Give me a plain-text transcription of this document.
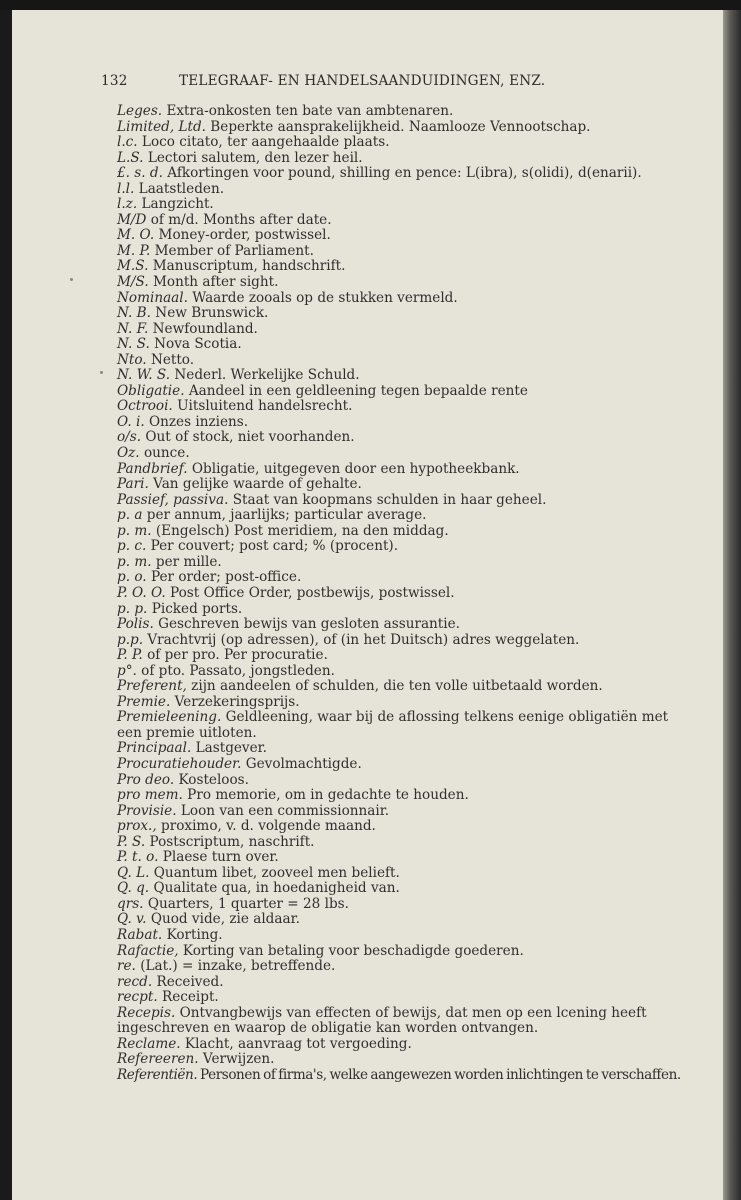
132	TELEGRAAF- EN HANDELSAANDUIDINGEN, ENZ.
Leges. Extra-onkosten ten bate van ambtenaren.
Limited, Ltd. Beperkte aansprakelijkheid. Naamlooze Vennootschap.
l.c. Loco citato, ter aangehaalde plaats.
L.S. Lectori salutem, den lezer heil.
£. s. d. Afkortingen voor pound, shilling en pence: L(ibra), s(olidi), d(enarii).
l.l. Laatstleden.
l.z. Langzicht.
M/D of m/d. Months after date.
M. O. Money-order, postwissel.
M. P. Member of Parliament.
M.S. Manuscriptum, handschrift.
M/S. Month after sight.
Nominaal. Waarde zooals op de stukken vermeld.
N. B. New Brunswick.
N. F. Newfoundland.
N. S. Nova Scotia.
Nto. Netto.
N. W. S. Nederl. Werkelijke Schuld.
Obligatie. Aandeel in een geldleening tegen bepaalde rente
Octrooi. Uitsluitend handelsrecht.
O. i. Onzes inziens.
o/s. Out of stock, niet voorhanden.
Oz. ounce.
Pandbrief. Obligatie, uitgegeven door een hypotheekbank.
Pari. Van gelijke waarde of gehalte.
Passief, passiva. Staat van koopmans schulden in haar geheel.
p. a per annum, jaarlijks; particular average.
p. m. (Engelsch) Post meridiem, na den middag.
p. c. Per couvert; post card; % (procent).
p. m. per mille.
p. o. Per order; post-office.
P. O. O. Post Office Order, postbewijs, postwissel.
p. p. Picked ports.
Polis. Geschreven bewijs van gesloten assurantie.
p.p. Vrachtvrij (op adressen), of (in het Duitsch) adres weggelaten.
P. P. of per pro. Per procuratie.
p°. of pto. Passato, jongstleden.
Preferent, zijn aandeelen of schulden, die ten volle uitbetaald worden.
Premie. Verzekeringsprijs.
Premieleening. Geldleening, waar bij de aflossing telkens eenige obligatiën met
een premie uitloten.
Principaal. Lastgever.
Procuratiehouder. Gevolmachtigde.
Pro deo. Kosteloos.
pro mem. Pro memorie, om in gedachte te houden.
Provisie. Loon van een commissionnair.
prox., proximo, v. d. volgende maand.
P. S. Postscriptum, naschrift.
P. t. o. Plaese turn over.
Q. L. Quantum libet, zooveel men belieft.
Q. q. Qualitate qua, in hoedanigheid van.
qrs. Quarters, 1 quarter = 28 lbs.
Q. v. Quod vide, zie aldaar.
Rabat. Korting.
Rafactie, Korting van betaling voor beschadigde goederen.
re. (Lat.) = inzake, betreffende.
recd. Received.
recpt. Receipt.
Recepis. Ontvangbewijs van effecten of bewijs, dat men op een lcening heeft
ingeschreven en waarop de obligatie kan worden ontvangen.
Reclame. Klacht, aanvraag tot vergoeding.
Refereeren. Verwijzen.
Referentiën. Personen of firma's, welke aangewezen worden inlichtingen te verschaffen.
